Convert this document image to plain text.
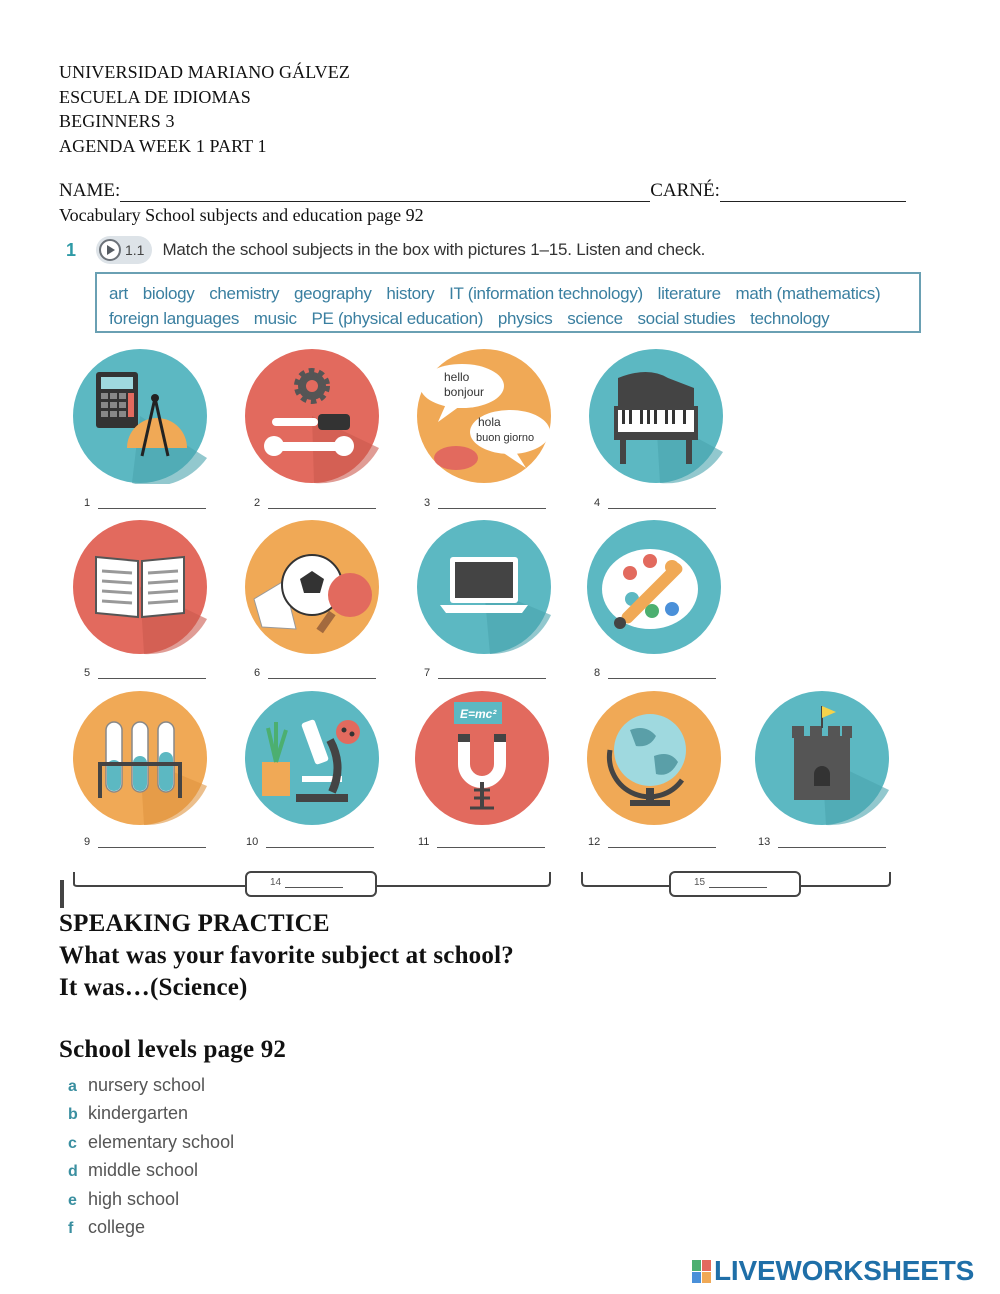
UNIVERSIDAD MARIANO GÁLVEZ
ESCUELA DE IDIOMAS
BEGINNERS 3
AGENDA WEEK 1 PART 1
NAME:	CARNÉ:
Vocabulary School subjects and education page 92
1	1.1 Match the school subjects in the box with pictures 1–15. Listen and check.
art biology chemistry geography history IT (information technology) literature math (mathematics)
foreign languages music PE (physical education) physics science social studies technology
hello
bonjour
hola
buon giorno
E=mc²
1	2	3	4
5	6	7	8
9	10	11	12	13
14	15
SPEAKING PRACTICE
What was your favorite subject at school?
It was…(Science)
School levels page 92
a nursery school
b kindergarten
c elementary school
d middle school
e high school
f college
LIVEWORKSHEETS
